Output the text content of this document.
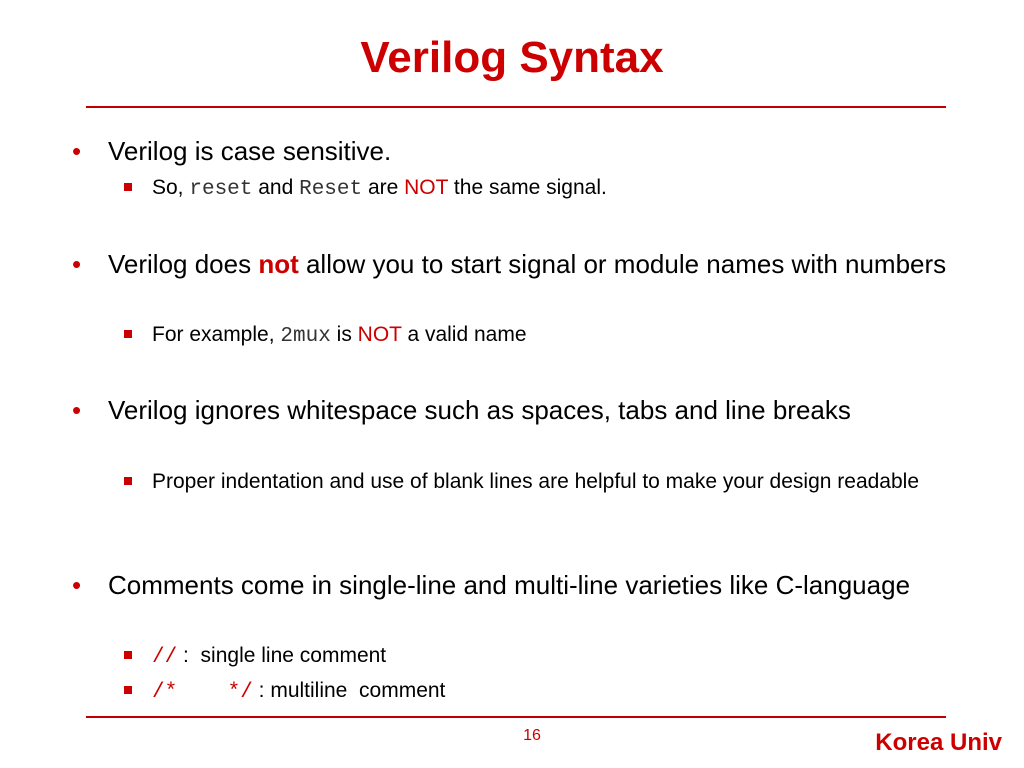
Verilog Syntax
• Verilog is case sensitive.
So, reset and Reset are NOT the same signal.
• Verilog does not allow you to start signal or module names with numbers
For example, 2mux is NOT a valid name
• Verilog ignores whitespace such as spaces, tabs and line breaks
Proper indentation and use of blank lines are helpful to make your design readable
• Comments come in single-line and multi-line varieties like C-language
// :  single line comment
/*    */ : multiline  comment
16	Korea Univ
